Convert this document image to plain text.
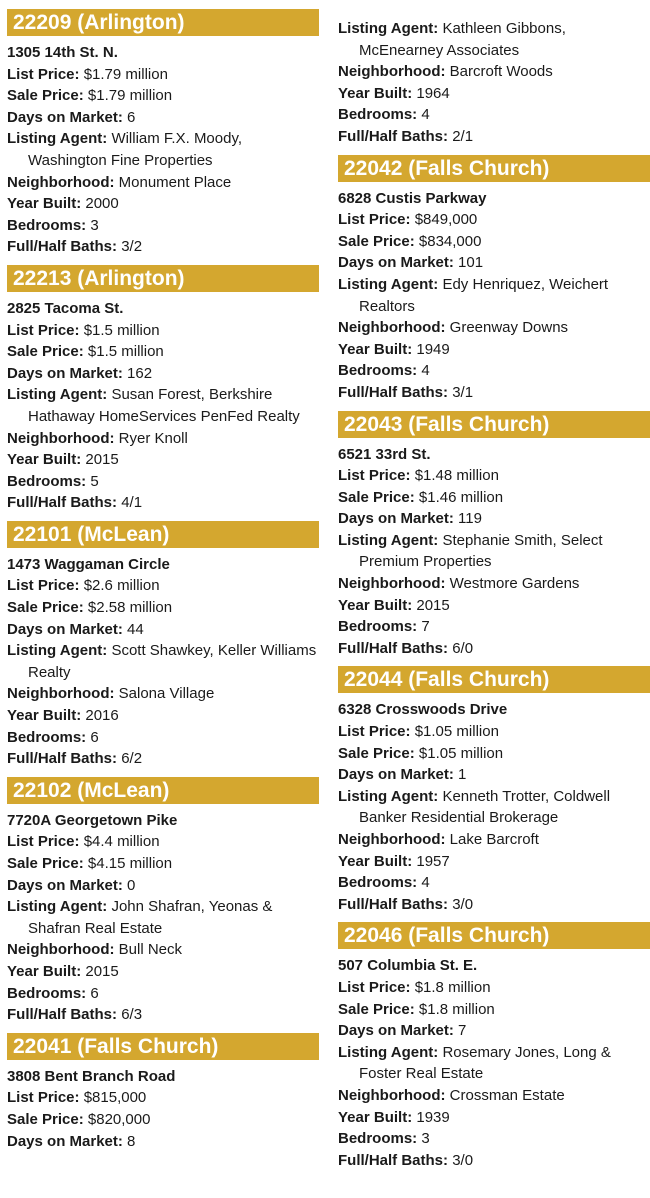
22209 (Arlington)
1305 14th St. N.
List Price: $1.79 million
Sale Price: $1.79 million
Days on Market: 6
Listing Agent: William F.X. Moody, Washington Fine Properties
Neighborhood: Monument Place
Year Built: 2000
Bedrooms: 3
Full/Half Baths: 3/2
22213 (Arlington)
2825 Tacoma St.
List Price: $1.5 million
Sale Price: $1.5 million
Days on Market: 162
Listing Agent: Susan Forest, Berkshire Hathaway HomeServices PenFed Realty
Neighborhood: Ryer Knoll
Year Built: 2015
Bedrooms: 5
Full/Half Baths: 4/1
22101 (McLean)
1473 Waggaman Circle
List Price: $2.6 million
Sale Price: $2.58 million
Days on Market: 44
Listing Agent: Scott Shawkey, Keller Williams Realty
Neighborhood: Salona Village
Year Built: 2016
Bedrooms: 6
Full/Half Baths: 6/2
22102 (McLean)
7720A Georgetown Pike
List Price: $4.4 million
Sale Price: $4.15 million
Days on Market: 0
Listing Agent: John Shafran, Yeonas & Shafran Real Estate
Neighborhood: Bull Neck
Year Built: 2015
Bedrooms: 6
Full/Half Baths: 6/3
22041 (Falls Church)
3808 Bent Branch Road
List Price: $815,000
Sale Price: $820,000
Days on Market: 8
Listing Agent: Kathleen Gibbons, McEnearney Associates
Neighborhood: Barcroft Woods
Year Built: 1964
Bedrooms: 4
Full/Half Baths: 2/1
22042 (Falls Church)
6828 Custis Parkway
List Price: $849,000
Sale Price: $834,000
Days on Market: 101
Listing Agent: Edy Henriquez, Weichert Realtors
Neighborhood: Greenway Downs
Year Built: 1949
Bedrooms: 4
Full/Half Baths: 3/1
22043 (Falls Church)
6521 33rd St.
List Price: $1.48 million
Sale Price: $1.46 million
Days on Market: 119
Listing Agent: Stephanie Smith, Select Premium Properties
Neighborhood: Westmore Gardens
Year Built: 2015
Bedrooms: 7
Full/Half Baths: 6/0
22044 (Falls Church)
6328 Crosswoods Drive
List Price: $1.05 million
Sale Price: $1.05 million
Days on Market: 1
Listing Agent: Kenneth Trotter, Coldwell Banker Residential Brokerage
Neighborhood: Lake Barcroft
Year Built: 1957
Bedrooms: 4
Full/Half Baths: 3/0
22046 (Falls Church)
507 Columbia St. E.
List Price: $1.8 million
Sale Price: $1.8 million
Days on Market: 7
Listing Agent: Rosemary Jones, Long & Foster Real Estate
Neighborhood: Crossman Estate
Year Built: 1939
Bedrooms: 3
Full/Half Baths: 3/0
